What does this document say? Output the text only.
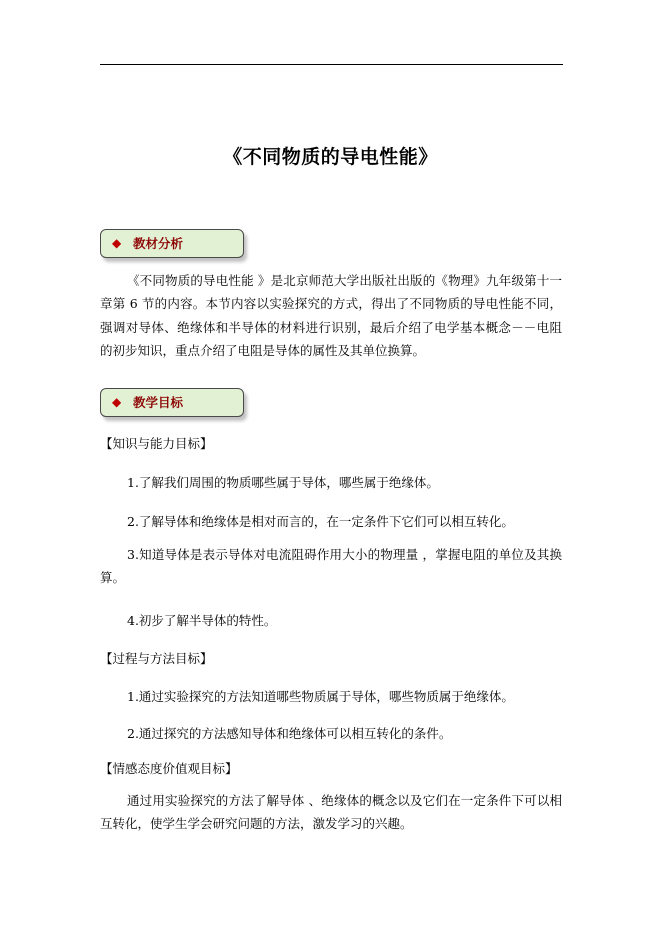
《不同物质的导电性能》
◆ 教材分析
《不同物质的导电性能 》是北京师范大学出版社出版的《物理》九年级第十一章第 6 节的内容。本节内容以实验探究的方式，得出了不同物质的导电性能不同，强调对导体、绝缘体和半导体的材料进行识别，最后介绍了电学基本概念－－电阻的初步知识，重点介绍了电阻是导体的属性及其单位换算。
◆ 教学目标
【知识与能力目标】
1.了解我们周围的物质哪些属于导体，哪些属于绝缘体。
2.了解导体和绝缘体是相对而言的，在一定条件下它们可以相互转化。
3.知道导体是表示导体对电流阻碍作用大小的物理量 ，掌握电阻的单位及其换算。
4.初步了解半导体的特性。
【过程与方法目标】
1.通过实验探究的方法知道哪些物质属于导体，哪些物质属于绝缘体。
2.通过探究的方法感知导体和绝缘体可以相互转化的条件。
【情感态度价值观目标】
通过用实验探究的方法了解导体 、绝缘体的概念以及它们在一定条件下可以相互转化，使学生学会研究问题的方法，激发学习的兴趣。
